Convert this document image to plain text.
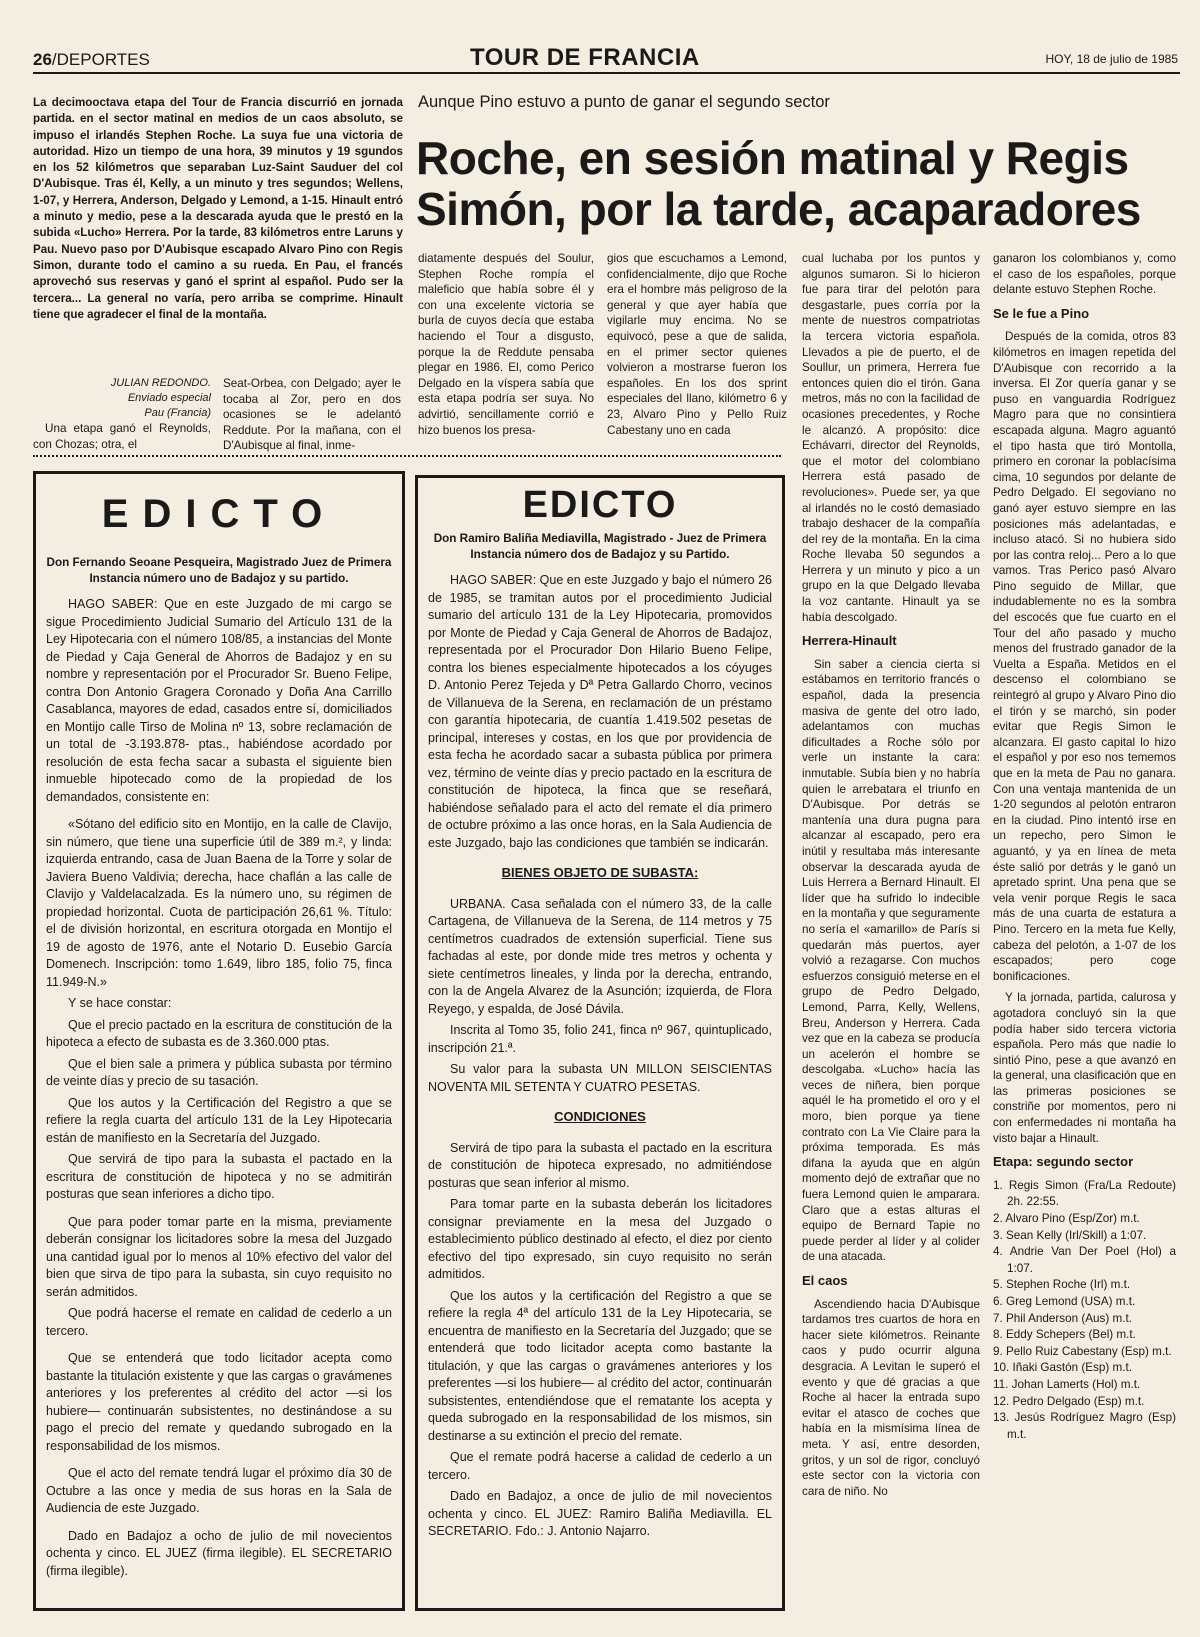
26/DEPORTES	TOUR DE FRANCIA	HOY, 18 de julio de 1985

La decimooctava etapa del Tour de Francia discurrió en jornada partida. en el sector matinal en medios de un caos absoluto, se impuso el irlandés Stephen Roche. La suya fue una victoria de autoridad. Hizo un tiempo de una hora, 39 minutos y 19 sgundos en los 52 kilómetros que separaban Luz-Saint Sauduer del col D'Aubisque. Tras él, Kelly, a un minuto y tres segundos; Wellens, 1-07, y Herrera, Anderson, Delgado y Lemond, a 1-15. Hinault entró a minuto y medio, pese a la descarada ayuda que le prestó en la subida «Lucho» Herrera. Por la tarde, 83 kilómetros entre Laruns y Pau. Nuevo paso por D'Aubisque escapado Alvaro Pino con Regis Simon, durante todo el camino a su rueda. En Pau, el francés aprovechó sus reservas y ganó el sprint al español. Pudo ser la tercera... La general no varía, pero arriba se comprime. Hinault tiene que agradecer el final de la montaña.

Aunque Pino estuvo a punto de ganar el segundo sector
Roche, en sesión matinal y Regis Simón, por la tarde, acaparadores
JULIAN REDONDO.
Enviado especial
Pau (Francia)

Una etapa ganó el Reynolds, con Chozas; otra, el

Seat-Orbea, con Delgado; ayer le tocaba al Zor, pero en dos ocasiones se le adelantó Reddute. Por la mañana, con el D'Aubisque al final, inme-

diatamente después del Soulur, Stephen Roche rompía el maleficio que había sobre él y con una excelente victoria se burla de cuyos decía que estaba haciendo el Tour a disgusto, porque la de Reddute pensaba plegar en 1986. El, como Perico Delgado en la víspera sabía que esta etapa podría ser suya. No advirtió, sencillamente corrió e hizo buenos los presa-

gios que escuchamos a Lemond, confidencialmente, dijo que Roche era el hombre más peligroso de la general y que ayer había que vigilarle muy encima. No se equivocó, pese a que de salida, en el primer sector quienes volvieron a mostrarse fueron los españoles. En los dos sprint especiales del llano, kilómetro 6 y 23, Alvaro Pino y Pello Ruiz Cabestany uno en cada

cual luchaba por los puntos y algunos sumaron. Si lo hicieron fue para tirar del pelotón para desgastarle, pues corría por la mente de nuestros compatriotas la tercera victoria española. Llevados a pie de puerto, el de Soullur, un primera, Herrera fue entonces quien dio el tirón. Gana metros, más no con la facilidad de ocasiones precedentes, y Roche le alcanzó. A propósito: dice Echávarri, director del Reynolds, que el motor del colombiano Herrera está pasado de revoluciones». Puede ser, ya que al irlandés no le costó demasiado trabajo deshacer de la compañía del rey de la montaña. En la cima Roche llevaba 50 segundos a Herrera y un minuto y pico a un grupo en la que Delgado llevaba la voz cantante. Hinault ya se había descolgado.

Herrera-Hinault

Sin saber a ciencia cierta si estábamos en territorio francés o español, dada la presencia masiva de gente del otro lado, adelantamos con muchas dificultades a Roche sólo por verle un instante la cara: inmutable. Subía bien y no habría quien le arrebatara el triunfo en D'Aubisque. Por detrás se mantenía una dura pugna para alcanzar al escapado, pero era inútil y resultaba más interesante observar la descarada ayuda de Luis Herrera a Bernard Hinault. El líder que ha sufrido lo indecible en la montaña y que seguramente no sería el «amarillo» de París si quedarán más puertos, ayer volvió a rezagarse. Con muchos esfuerzos consiguió meterse en el grupo de Pedro Delgado, Lemond, Parra, Kelly, Wellens, Breu, Anderson y Herrera. Cada vez que en la cabeza se producía un acelerón el hombre se descolgaba. «Lucho» hacía las veces de niñera, bien porque aquél le ha prometido el oro y el moro, bien porque ya tiene contrato con La Vie Claire para la próxima temporada. Es más difana la ayuda que en algún momento dejó de extrañar que no fuera Lemond quien le amparara. Claro que a estas alturas el equipo de Bernard Tapie no puede perder al líder y al colider de una atacada.

El caos

Ascendiendo hacia D'Aubisque tardamos tres cuartos de hora en hacer siete kilómetros. Reinante caos y pudo ocurrir alguna desgracia. A Levitan le superó el evento y que dé gracias a que Roche al hacer la entrada supo evitar el atasco de coches que había en la mismísima línea de meta. Y así, entre desorden, gritos, y un sol de rigor, concluyó este sector con la victoria con cara de niño. No

ganaron los colombianos y, como el caso de los españoles, porque delante estuvo Stephen Roche.

Se le fue a Pino

Después de la comida, otros 83 kilómetros en imagen repetida del D'Aubisque con recorrido a la inversa. El Zor quería ganar y se puso en vanguardia Rodríguez Magro para que no consintiera escapada alguna. Magro aguantó el tipo hasta que tiró Montolla, primero en coronar la poblacísima cima, 10 segundos por delante de Pedro Delgado. El segoviano no ganó ayer estuvo siempre en las posiciones más adelantadas, e incluso atacó. Si no hubiera sido por las contra reloj... Pero a lo que vamos. Tras Perico pasó Alvaro Pino seguido de Millar, que indudablemente no es la sombra del escocés que fue cuarto en el Tour del año pasado y mucho menos del frustrado ganador de la Vuelta a España. Metidos en el descenso el colombiano se reintegró al grupo y Alvaro Pino dio el tirón y se marchó, sin poder evitar que Regis Simon le alcanzara. El gasto capital lo hizo el español y por eso nos tememos que en la meta de Pau no ganara. Con una ventaja mantenida de un 1-20 segundos al pelotón entraron en la ciudad. Pino intentó irse en un repecho, pero Simon le aguantó, y ya en línea de meta éste salió por detrás y le ganó un apretado sprint. Una pena que se vela venir porque Regis le saca más de una cuarta de estatura a Pino. Tercero en la meta fue Kelly, cabeza del pelotón, a 1-07 de los escapados; pero coge bonificaciones.

Y la jornada, partida, calurosa y agotadora concluyó sin la que podía haber sido tercera victoria española. Pero más que nadie lo sintió Pino, pese a que avanzó en la general, una clasificación que en las primeras posiciones se constriñe por momentos, pero ni con enfermedades ni montaña ha visto bajar a Hinault.

Etapa: segundo sector
1. Regis Simon (Fra/La Redoute) 2h. 22:55.
2. Alvaro Pino (Esp/Zor) m.t.
3. Sean Kelly (Irl/Skill) a 1:07.
4. Andrie Van Der Poel (Hol) a 1:07.
5. Stephen Roche (Irl) m.t.
6. Greg Lemond (USA) m.t.
7. Phil Anderson (Aus) m.t.
8. Eddy Schepers (Bel) m.t.
9. Pello Ruiz Cabestany (Esp) m.t.
10. Iñaki Gastón (Esp) m.t.
11. Johan Lamerts (Hol) m.t.
12. Pedro Delgado (Esp) m.t.
13. Jesús Rodríguez Magro (Esp) m.t.
EDICTO
Don Fernando Seoane Pesqueira, Magistrado Juez de Primera Instancia número uno de Badajoz y su partido.

HAGO SABER: Que en este Juzgado de mi cargo se sigue Procedimiento Judicial Sumario del Artículo 131 de la Ley Hipotecaria con el número 108/85, a instancias del Monte de Piedad y Caja General de Ahorros de Badajoz y en su nombre y representación por el Procurador Sr. Bueno Felipe, contra Don Antonio Gragera Coronado y Doña Ana Carrillo Casablanca, mayores de edad, casados entre sí, domiciliados en Montijo calle Tirso de Molina nº 13, sobre reclamación de un total de -3.193.878- ptas., habiéndose acordado por resolución de esta fecha sacar a subasta el siguiente bien inmueble hipotecado como de la propiedad de los demandados, consistente en:

«Sótano del edificio sito en Montijo, en la calle de Clavijo, sin número, que tiene una superficie útil de 389 m.², y linda: izquierda entrando, casa de Juan Baena de la Torre y solar de Javiera Bueno Valdivia; derecha, hace chaflán a las calle de Clavijo y Valdelacalzada. Es la número uno, su régimen de propiedad horizontal. Cuota de participación 26,61 %. Título: el de división horizontal, en escritura otorgada en Montijo el 19 de agosto de 1976, ante el Notario D. Eusebio García Domenech. Inscripción: tomo 1.649, libro 185, folio 75, finca 11.949-N.»

Y se hace constar:

Que el precio pactado en la escritura de constitución de la hipoteca a efecto de subasta es de 3.360.000 ptas.

Que el bien sale a primera y pública subasta por término de veinte días y precio de su tasación.

Que los autos y la Certificación del Registro a que se refiere la regla cuarta del artículo 131 de la Ley Hipotecaria están de manifiesto en la Secretaría del Juzgado.

Que servirá de tipo para la subasta el pactado en la escritura de constitución de hipoteca y no se admitirán posturas que sean inferiores a dicho tipo.

Que para poder tomar parte en la misma, previamente deberán consignar los licitadores sobre la mesa del Juzgado una cantidad igual por lo menos al 10% efectivo del valor del bien que sirva de tipo para la subasta, sin cuyo requisito no serán admitidos.

Que podrá hacerse el remate en calidad de cederlo a un tercero.

Que se entenderá que todo licitador acepta como bastante la titulación existente y que las cargas o gravámenes anteriores y los preferentes al crédito del actor —si los hubiere— continuarán subsistentes, no destinándose a su pago el precio del remate y quedando subrogado en la responsabilidad de los mismos.

Que el acto del remate tendrá lugar el próximo día 30 de Octubre a las once y media de sus horas en la Sala de Audiencia de este Juzgado.

Dado en Badajoz a ocho de julio de mil novecientos ochenta y cinco. EL JUEZ (firma ilegible). EL SECRETARIO (firma ilegible).

EDICTO
Don Ramiro Baliña Mediavilla, Magistrado - Juez de Primera Instancia número dos de Badajoz y su Partido.

HAGO SABER: Que en este Juzgado y bajo el número 26 de 1985, se tramitan autos por el procedimiento Judicial sumario del artículo 131 de la Ley Hipotecaria, promovidos por Monte de Piedad y Caja General de Ahorros de Badajoz, representada por el Procurador Don Hilario Bueno Felipe, contra los bienes especialmente hipotecados a los cóyuges D. Antonio Perez Tejeda y Dª Petra Gallardo Chorro, vecinos de Villanueva de la Serena, en reclamación de un préstamo con garantía hipotecaria, de cuantía 1.419.502 pesetas de principal, intereses y costas, en los que por providencia de esta fecha he acordado sacar a subasta pública por primera vez, término de veinte días y precio pactado en la escritura de constitución de hipoteca, la finca que se reseñará, habiéndose señalado para el acto del remate el día primero de octubre próximo a las once horas, en la Sala Audiencia de este Juzgado, bajo las condiciones que también se indicarán.

BIENES OBJETO DE SUBASTA:

URBANA. Casa señalada con el número 33, de la calle Cartagena, de Villanueva de la Serena, de 114 metros y 75 centímetros cuadrados de extensión superficial. Tiene sus fachadas al este, por donde mide tres metros y ochenta y siete centímetros lineales, y linda por la derecha, entrando, con la de Angela Alvarez de la Asunción; izquierda, de Flora Reyego, y espalda, de José Dávila.

Inscrita al Tomo 35, folio 241, finca nº 967, quintuplicado, inscripción 21.ª.

Su valor para la subasta UN MILLON SEISCIENTAS NOVENTA MIL SETENTA Y CUATRO PESETAS.

CONDICIONES

Servirá de tipo para la subasta el pactado en la escritura de constitución de hipoteca expresado, no admitiéndose posturas que sean inferior al mismo.

Para tomar parte en la subasta deberán los licitadores consignar previamente en la mesa del Juzgado o establecimiento público destinado al efecto, el diez por ciento efectivo del tipo expresado, sin cuyo requisito no serán admitidos.

Que los autos y la certificación del Registro a que se refiere la regla 4ª del artículo 131 de la Ley Hipotecaria, se encuentra de manifiesto en la Secretaría del Juzgado; que se entenderá que todo licitador acepta como bastante la titulación, y que las cargas o gravámenes anteriores y los preferentes —si los hubiere— al crédito del actor, continuarán subsistentes, entendiéndose que el rematante los acepta y queda subrogado en la responsabilidad de los mismos, sin destinarse a su extinción el precio del remate.

Que el remate podrá hacerse a calidad de cederlo a un tercero.

Dado en Badajoz, a once de julio de mil novecientos ochenta y cinco. EL JUEZ: Ramiro Baliña Mediavilla. EL SECRETARIO. Fdo.: J. Antonio Najarro.
